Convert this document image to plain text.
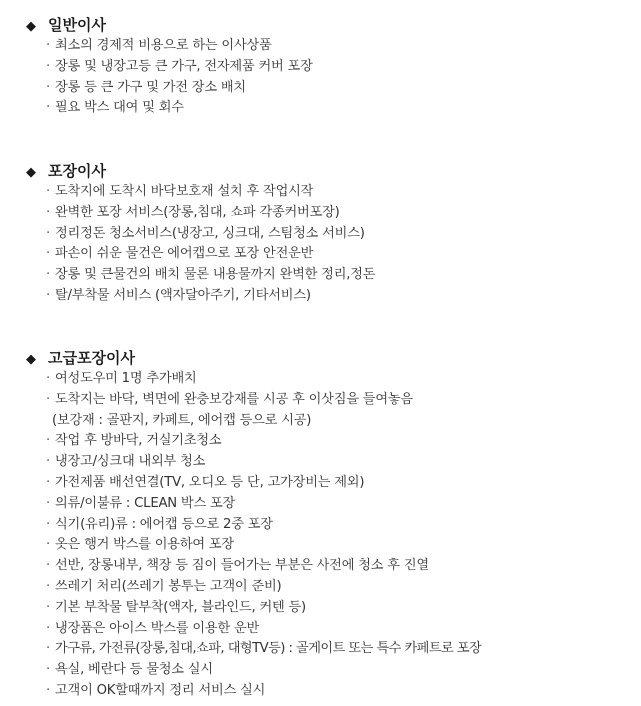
◆ 일반이사
· 최소의 경제적 비용으로 하는 이사상품
· 장롱 및 냉장고등 큰 가구, 전자제품 커버 포장
· 장롱 등 큰 가구 및 가전 장소 배치
· 필요 박스 대여 및 회수
◆ 포장이사
· 도착지에 도착시 바닥보호재 설치 후 작업시작
· 완벽한 포장 서비스(장롱,침대, 쇼파 각종커버포장)
· 정리정돈 청소서비스(냉장고, 싱크대, 스팀청소 서비스)
· 파손이 쉬운 물건은 에어캡으로 포장 안전운반
· 장롱 및 큰물건의 배치 물론 내용물까지 완벽한 정리,정돈
· 탈/부착물 서비스 (액자달아주기, 기타서비스)
◆ 고급포장이사
· 여성도우미 1명 추가배치
· 도착지는 바닥, 벽면에 완충보강재를 시공 후 이삿짐을 들여놓음
(보강재 : 골판지, 카페트, 에어캡 등으로 시공)
· 작업 후 방바닥, 거실기초청소
· 냉장고/싱크대 내외부 청소
· 가전제품 배선연결(TV, 오디오 등 단, 고가장비는 제외)
· 의류/이불류 : CLEAN 박스 포장
· 식기(유리)류 : 에어캡 등으로 2중 포장
· 옷은 행거 박스를 이용하여 포장
· 선반, 장롱내부, 책장 등 짐이 들어가는 부분은 사전에 청소 후 진열
· 쓰레기 처리(쓰레기 봉투는 고객이 준비)
· 기본 부착물 탈부착(액자, 블라인드, 커텐 등)
· 냉장품은 아이스 박스를 이용한 운반
· 가구류, 가전류(장롱,침대,쇼파, 대형TV등) : 골게이트 또는 특수 카페트로 포장
· 욕실, 베란다 등 물청소 실시
· 고객이 OK할때까지 정리 서비스 실시
